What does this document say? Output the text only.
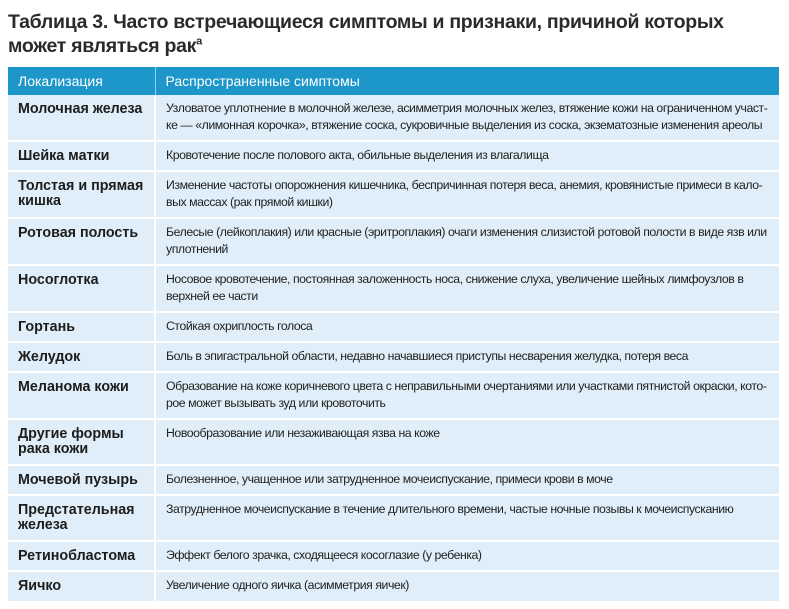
Таблица 3. Часто встречающиеся симптомы и признаки, причиной которых может являться рак$^а$
Локализация	Распространенные симптомы
Молочная железа	Узловатое уплотнение в молочной железе, асимметрия молочных желез, втяжение кожи на ограниченном участ-ке — «лимонная корочка», втяжение соска, сукровичные выделения из соска, экзематозные изменения ареолы
Шейка матки	Кровотечение после полового акта, обильные выделения из влагалища
Толстая и прямая кишка	Изменение частоты опорожнения кишечника, беспричинная потеря веса, анемия, кровянистые примеси в кало-вых массах (рак прямой кишки)
Ротовая полость	Белесые (лейкоплакия) или красные (эритроплакия) очаги изменения слизистой ротовой полости в виде язв или уплотнений
Носоглотка	Носовое кровотечение, постоянная заложенность носа, снижение слуха, увеличение шейных лимфоузлов в верхней ее части
Гортань	Стойкая охриплость голоса
Желудок	Боль в эпигастральной области, недавно начавшиеся приступы несварения желудка, потеря веса
Меланома кожи	Образование на коже коричневого цвета с неправильными очертаниями или участками пятнистой окраски, кото-рое может вызывать зуд или кровоточить
Другие формы рака кожи	Новообразование или незаживающая язва на коже
Мочевой пузырь	Болезненное, учащенное или затрудненное мочеиспускание, примеси крови в моче
Предстательная железа	Затрудненное мочеиспускание в течение длительного времени, частые ночные позывы к мочеиспусканию
Ретинобластома	Эффект белого зрачка, сходящееся косоглазие (у ребенка)
Яичко	Увеличение одного яичка (асимметрия яичек)
